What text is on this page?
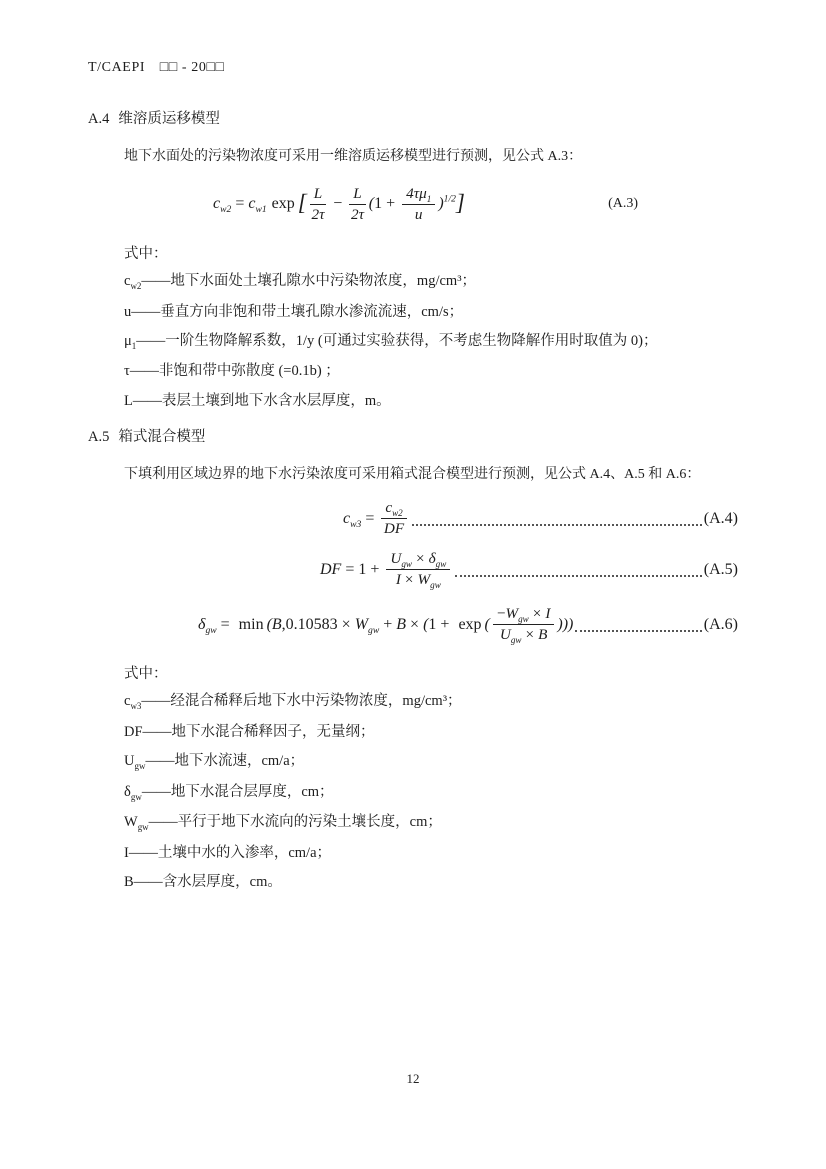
T/CAEPI　□□ - 20□□
A.4 维溶质运移模型
地下水面处的污染物浓度可采用一维溶质运移模型进行预测，见公式 A.3：
$c_{w2} = c_{w1}$ exp [ $\frac{L}{2\tau} - \frac{L}{2\tau}$ ( $1 + \frac{4\tau\mu_1}{u} )^{1/2}$ ]	(A.3)
式中：
$c_{w2}——$地下水面处土壤孔隙水中污染物浓度，mg/cm³；
u——垂直方向非饱和带土壤孔隙水渗流流速，cm/s；
$\mu_1——$一阶生物降解系数，1/y (可通过实验获得，不考虑生物降解作用时取值为 0)；
τ——非饱和带中弥散度 (=0.1b) ；
L——表层土壤到地下水含水层厚度，m。
A.5 箱式混合模型
下填利用区域边界的地下水污染浓度可采用箱式混合模型进行预测，见公式 A.4、A.5 和 A.6：
$c_{w3} = \frac{c_{w2}}{DF}$	(A.4)
DF = $1 + \frac{U_{gw} \times \delta_{gw}}{I \times W_{gw}}$	(A.5)
$\delta_{gw} = \min$ ( B $,0.10583 \times W_{gw} + B$ × ( 1 + exp ( $\frac{- W_{gw} \times I}{U_{gw} \times B}$ )))	(A.6)
式中：
$c_{w3}——$经混合稀释后地下水中污染物浓度，mg/cm³；
DF——地下水混合稀释因子，无量纲；
$U_{gw}——$地下水流速，cm/a；
$\delta_{gw}——$地下水混合层厚度，cm；
$W_{gw}——$平行于地下水流向的污染土壤长度，cm；
I——土壤中水的入渗率，cm/a；
B——含水层厚度，cm。
12
